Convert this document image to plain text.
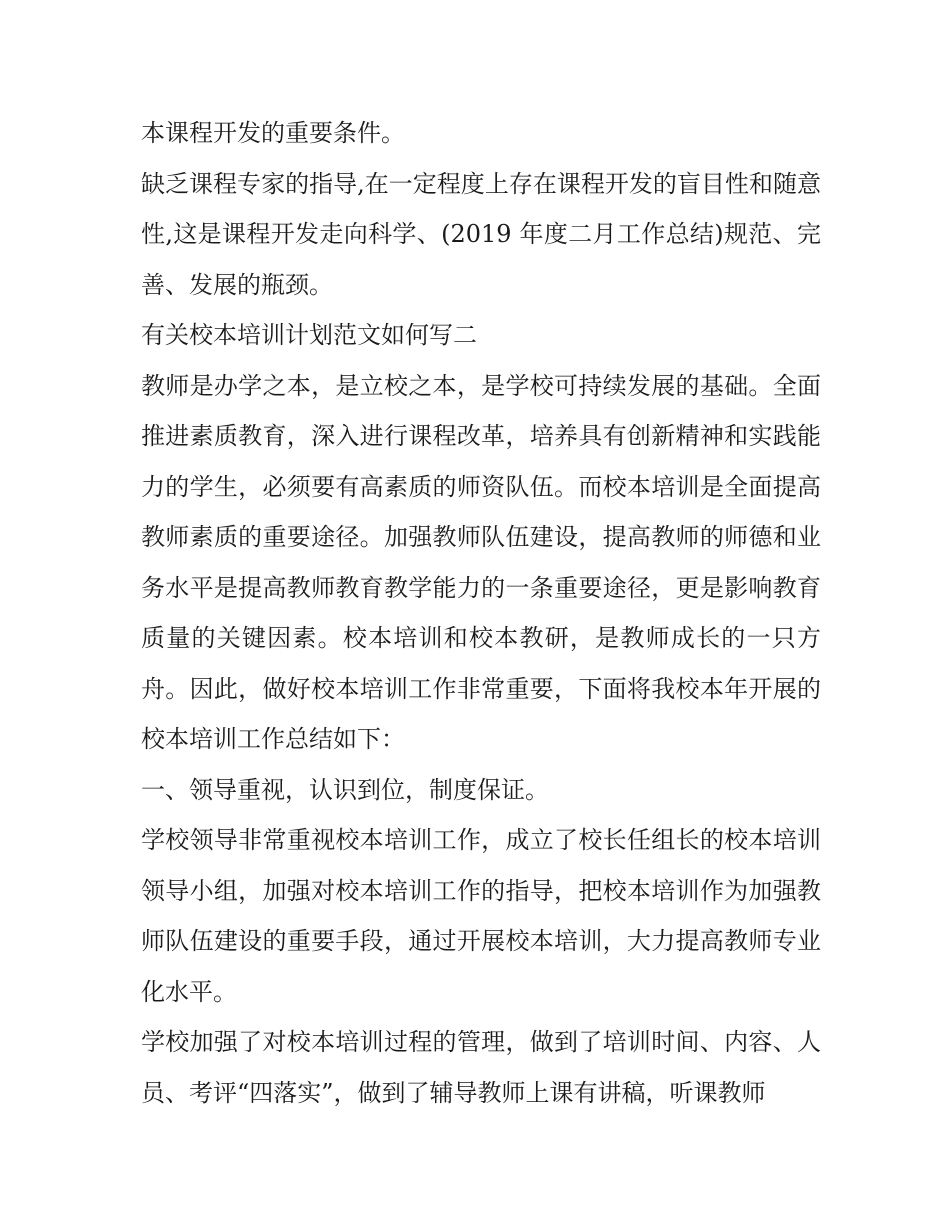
本课程开发的重要条件。

缺乏课程专家的指导,在一定程度上存在课程开发的盲目性和随意性,这是课程开发走向科学、(2019 年度二月工作总结)规范、完善、发展的瓶颈。

有关校本培训计划范文如何写二

教师是办学之本，是立校之本，是学校可持续发展的基础。全面推进素质教育，深入进行课程改革，培养具有创新精神和实践能力的学生，必须要有高素质的师资队伍。而校本培训是全面提高教师素质的重要途径。加强教师队伍建设，提高教师的师德和业务水平是提高教师教育教学能力的一条重要途径，更是影响教育质量的关键因素。校本培训和校本教研，是教师成长的一只方舟。因此，做好校本培训工作非常重要，下面将我校本年开展的校本培训工作总结如下：

一、领导重视，认识到位，制度保证。

学校领导非常重视校本培训工作，成立了校长任组长的校本培训领导小组，加强对校本培训工作的指导，把校本培训作为加强教师队伍建设的重要手段，通过开展校本培训，大力提高教师专业化水平。

学校加强了对校本培训过程的管理，做到了培训时间、内容、人员、考评“四落实”，做到了辅导教师上课有讲稿，听课教师
